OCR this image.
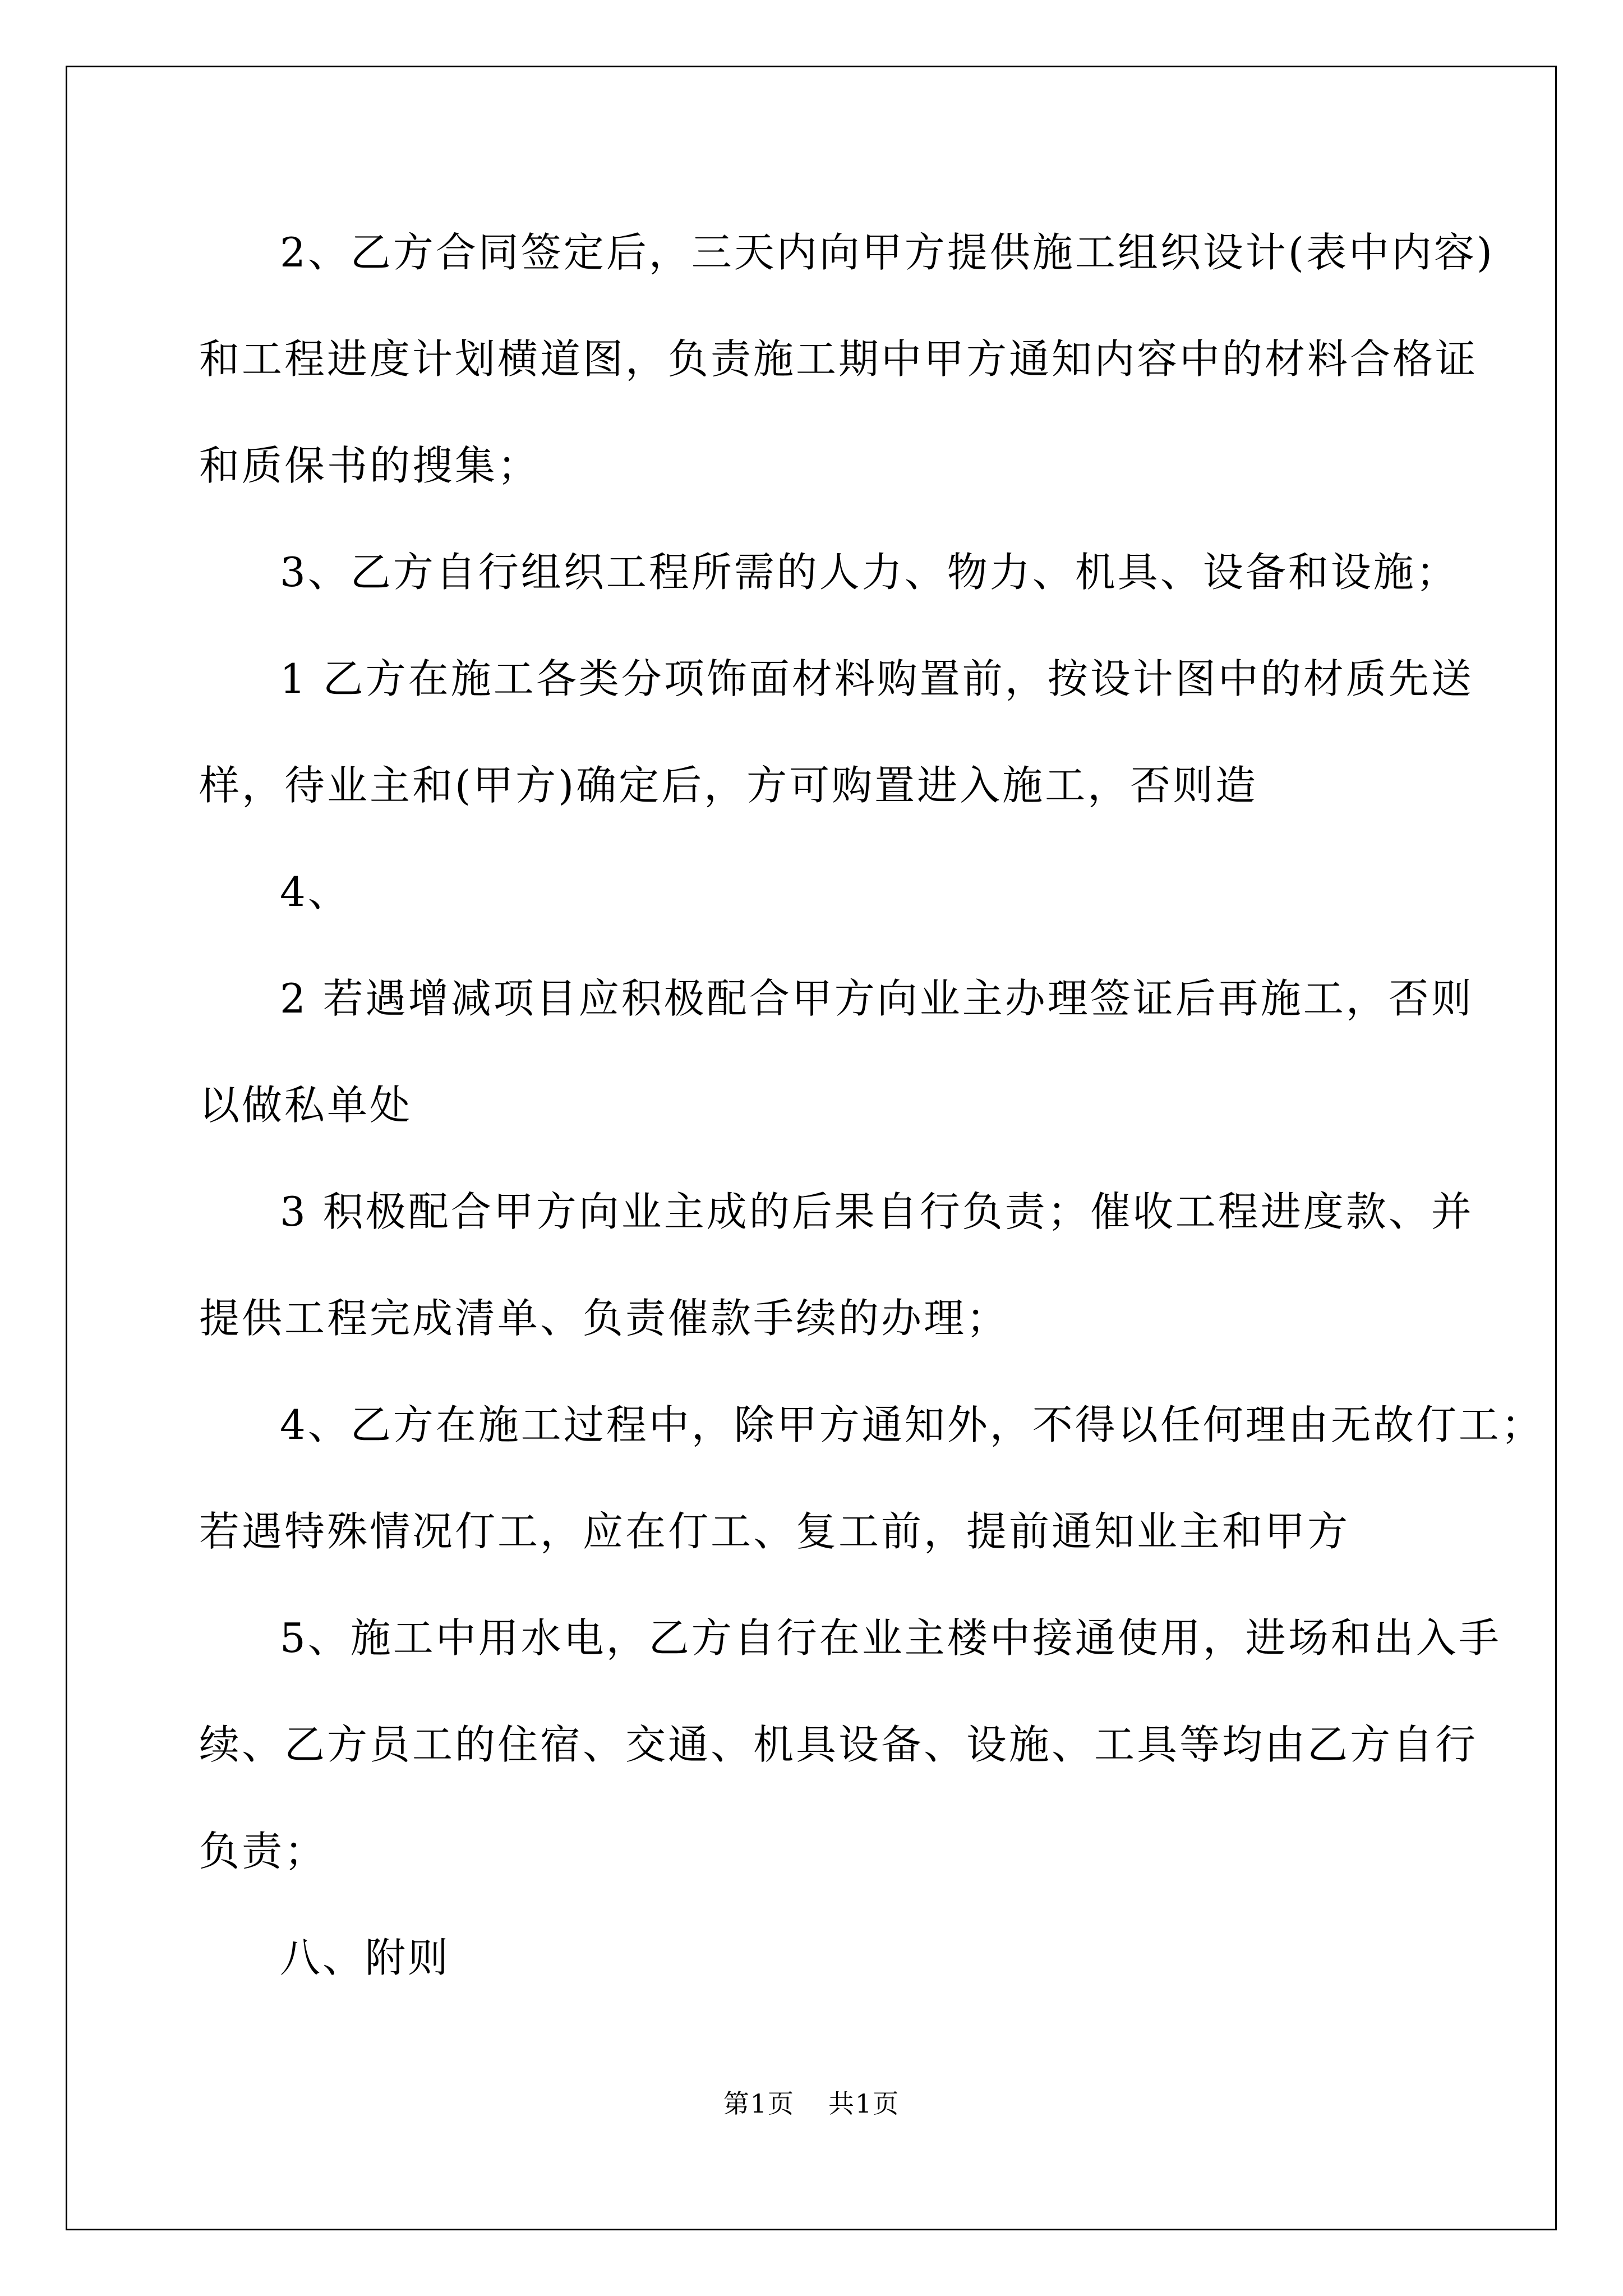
2、乙方合同签定后，三天内向甲方提供施工组织设计(表中内容)

和工程进度计划横道图，负责施工期中甲方通知内容中的材料合格证

和质保书的搜集；

3、乙方自行组织工程所需的人力、物力、机具、设备和设施；

1 乙方在施工各类分项饰面材料购置前，按设计图中的材质先送

样，待业主和(甲方)确定后，方可购置进入施工，否则造

4、

2 若遇增减项目应积极配合甲方向业主办理签证后再施工，否则

以做私单处

3 积极配合甲方向业主成的后果自行负责；催收工程进度款、并

提供工程完成清单、负责催款手续的办理；

4、乙方在施工过程中，除甲方通知外，不得以任何理由无故仃工；

若遇特殊情况仃工，应在仃工、复工前，提前通知业主和甲方

5、施工中用水电，乙方自行在业主楼中接通使用，进场和出入手

续、乙方员工的住宿、交通、机具设备、设施、工具等均由乙方自行

负责；

八、附则

第1页 共1页
